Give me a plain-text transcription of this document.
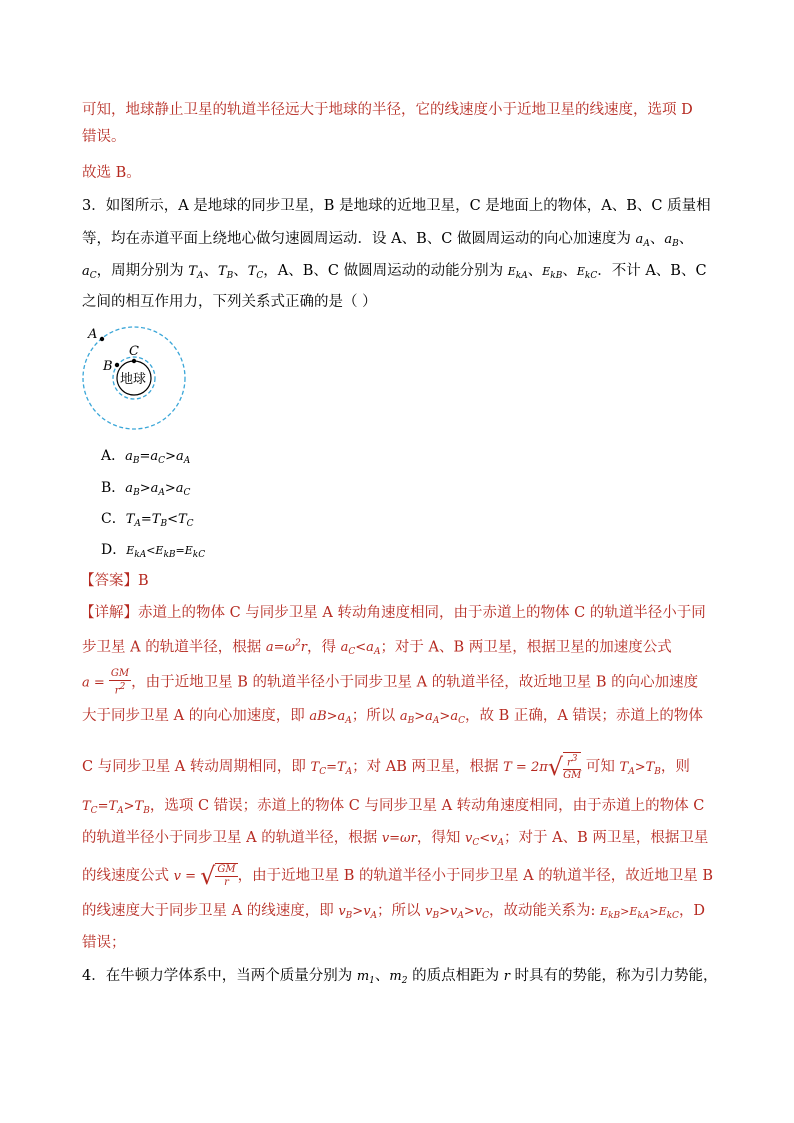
可知，地球静止卫星的轨道半径远大于地球的半径，它的线速度小于近地卫星的线速度，选项 D
错误。
故选 B。
3．如图所示，A 是地球的同步卫星，B 是地球的近地卫星，C 是地面上的物体，A、B、C 质量相
等，均在赤道平面上绕地心做匀速圆周运动．设 A、B、C 做圆周运动的向心加速度为 $a_A$、$a_B$、
$a_C$，周期分别为 $T_A$、$T_B$、$T_C$，A、B、C 做圆周运动的动能分别为 $E_{kA}$、$E_{kB}$、$E_{kC}$．不计 A、B、C
之间的相互作用力，下列关系式正确的是（ ）
A
B
C
地球
A．$a_B=a_C>a_A$
B．$a_B>a_A>a_C$
C．$T_A=T_B<T_C$
D．$E_{kA}<E_{kB}=E_{kC}$
【答案】B
【详解】赤道上的物体 C 与同步卫星 A 转动角速度相同，由于赤道上的物体 C 的轨道半径小于同
步卫星 A 的轨道半径，根据 $a=\omega^2r$，得 $a_C<a_A$；对于 A、B 两卫星，根据卫星的加速度公式
$a = \frac{GM}{r^2}$ ，由于近地卫星 B 的轨道半径小于同步卫星 A 的轨道半径，故近地卫星 B 的向心加速度
大于同步卫星 A 的向心加速度，即 $aB>a_A$；所以 $a_B>a_A>a_C$，故 B 正确，A 错误；赤道上的物体
C 与同步卫星 A 转动周期相同，即 $T_C=T_A$；对 AB 两卫星，根据 $T = 2\pi√ \frac{r^3}{GM}$ 可知 $T_A>T_B$，则
$T_C=T_A>T_B$，选项 C 错误；赤道上的物体 C 与同步卫星 A 转动角速度相同，由于赤道上的物体 C
的轨道半径小于同步卫星 A 的轨道半径，根据 v=ωr，得知 $v_C<v_A$；对于 A、B 两卫星，根据卫星
的线速度公式 v = √ $\frac{GM}{r}$，由于近地卫星 B 的轨道半径小于同步卫星 A 的轨道半径，故近地卫星 B
的线速度大于同步卫星 A 的线速度，即 $v_B>v_A$；所以 $v_B>v_A>v_C$，故动能关系为: $E_{kB}>E_{kA}>E_{kC}$，D
错误；
4．在牛顿力学体系中，当两个质量分别为 $m_1$、$m_2$ 的质点相距为 r 时具有的势能，称为引力势能，
